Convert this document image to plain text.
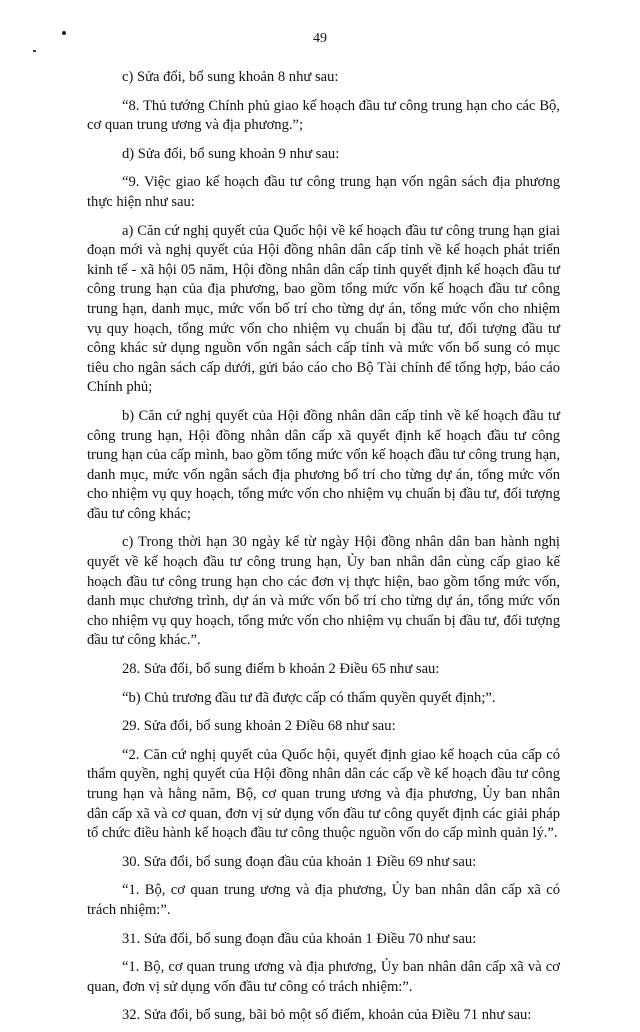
49

c) Sửa đổi, bổ sung khoản 8 như sau:

“8. Thủ tướng Chính phủ giao kế hoạch đầu tư công trung hạn cho các Bộ, cơ quan trung ương và địa phương.”;

d) Sửa đổi, bổ sung khoản 9 như sau:

“9. Việc giao kế hoạch đầu tư công trung hạn vốn ngân sách địa phương thực hiện như sau:

a) Căn cứ nghị quyết của Quốc hội về kế hoạch đầu tư công trung hạn giai đoạn mới và nghị quyết của Hội đồng nhân dân cấp tỉnh về kế hoạch phát triển kinh tế - xã hội 05 năm, Hội đồng nhân dân cấp tỉnh quyết định kế hoạch đầu tư công trung hạn của địa phương, bao gồm tổng mức vốn kế hoạch đầu tư công trung hạn, danh mục, mức vốn bố trí cho từng dự án, tổng mức vốn cho nhiệm vụ quy hoạch, tổng mức vốn cho nhiệm vụ chuẩn bị đầu tư, đối tượng đầu tư công khác sử dụng nguồn vốn ngân sách cấp tỉnh và mức vốn bổ sung có mục tiêu cho ngân sách cấp dưới, gửi báo cáo cho Bộ Tài chính để tổng hợp, báo cáo Chính phủ;

b) Căn cứ nghị quyết của Hội đồng nhân dân cấp tỉnh về kế hoạch đầu tư công trung hạn, Hội đồng nhân dân cấp xã quyết định kế hoạch đầu tư công trung hạn của cấp mình, bao gồm tổng mức vốn kế hoạch đầu tư công trung hạn, danh mục, mức vốn ngân sách địa phương bố trí cho từng dự án, tổng mức vốn cho nhiệm vụ quy hoạch, tổng mức vốn cho nhiệm vụ chuẩn bị đầu tư, đối tượng đầu tư công khác;

c) Trong thời hạn 30 ngày kể từ ngày Hội đồng nhân dân ban hành nghị quyết về kế hoạch đầu tư công trung hạn, Ủy ban nhân dân cùng cấp giao kế hoạch đầu tư công trung hạn cho các đơn vị thực hiện, bao gồm tổng mức vốn, danh mục chương trình, dự án và mức vốn bố trí cho từng dự án, tổng mức vốn cho nhiệm vụ quy hoạch, tổng mức vốn cho nhiệm vụ chuẩn bị đầu tư, đối tượng đầu tư công khác.”.

28. Sửa đổi, bổ sung điểm b khoản 2 Điều 65 như sau:

“b) Chủ trương đầu tư đã được cấp có thẩm quyền quyết định;”.

29. Sửa đổi, bổ sung khoản 2 Điều 68 như sau:

“2. Căn cứ nghị quyết của Quốc hội, quyết định giao kế hoạch của cấp có thẩm quyền, nghị quyết của Hội đồng nhân dân các cấp về kế hoạch đầu tư công trung hạn và hằng năm, Bộ, cơ quan trung ương và địa phương, Ủy ban nhân dân cấp xã và cơ quan, đơn vị sử dụng vốn đầu tư công quyết định các giải pháp tổ chức điều hành kế hoạch đầu tư công thuộc nguồn vốn do cấp mình quản lý.”.

30. Sửa đổi, bổ sung đoạn đầu của khoản 1 Điều 69 như sau:

“1. Bộ, cơ quan trung ương và địa phương, Ủy ban nhân dân cấp xã có trách nhiệm:”.

31. Sửa đổi, bổ sung đoạn đầu của khoản 1 Điều 70 như sau:

“1. Bộ, cơ quan trung ương và địa phương, Ủy ban nhân dân cấp xã và cơ quan, đơn vị sử dụng vốn đầu tư công có trách nhiệm:”.

32. Sửa đổi, bổ sung, bãi bỏ một số điểm, khoản của Điều 71 như sau:
